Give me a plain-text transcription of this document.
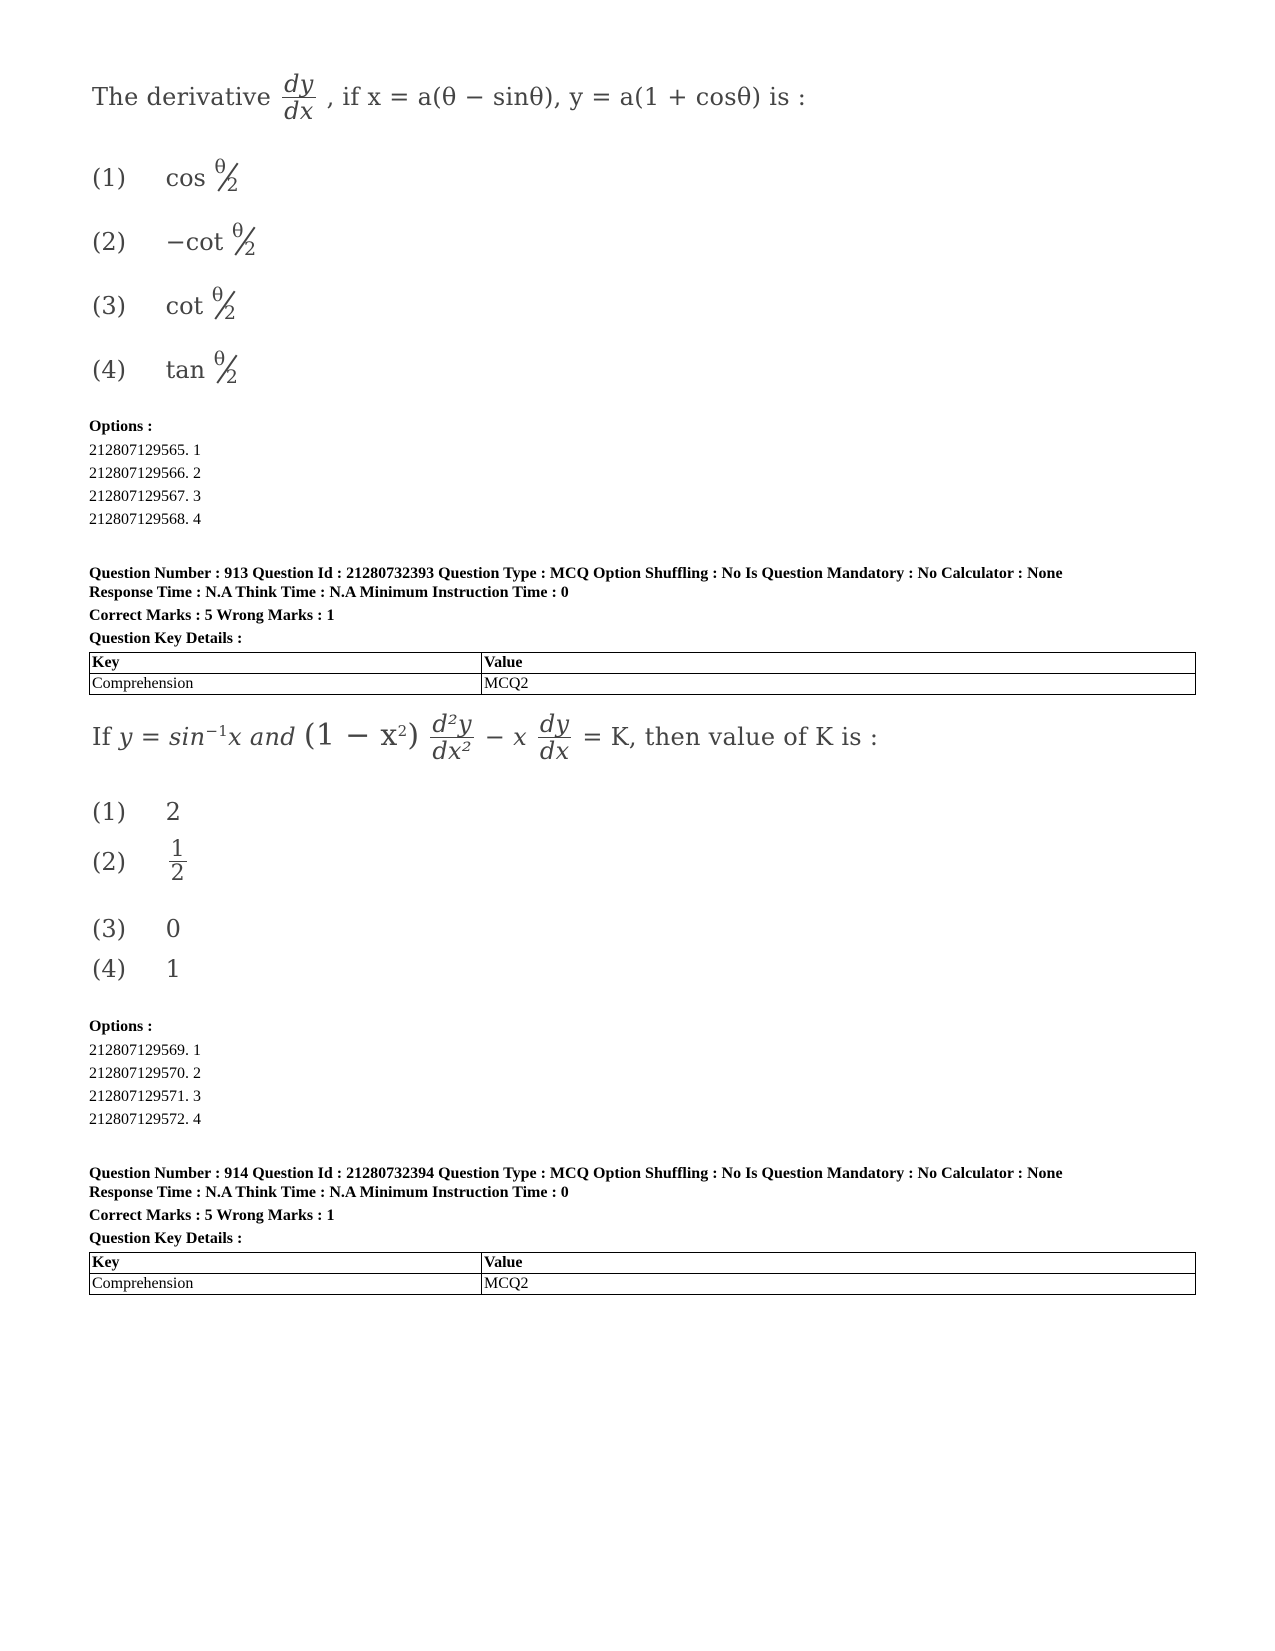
The derivative $\frac{dy}{dx}$ , if x = a(θ − sinθ), y = a(1 + cosθ) is :
(1) cos θ
2
(2) −cot θ
2
(3) cot θ
2
(4) tan θ
2
Options :
212807129565. 1
212807129566. 2
212807129567. 3
212807129568. 4
Question Number : 913 Question Id : 21280732393 Question Type : MCQ Option Shuffling : No Is Question Mandatory : No Calculator : None
Response Time : N.A Think Time : N.A Minimum Instruction Time : 0
Correct Marks : 5 Wrong Marks : 1
Question Key Details :
Key	Value
Comprehension	MCQ2
If $y = \sin^{-1}x$ and $(1 - x^2) \frac{\text{d²y}}{\text{dx²}} - x \frac{dy}{dx} = K$, then value of K is :
(1) 2
$(2) \frac{1}{2}$
(3) 0
(4) 1
Options :
212807129569. 1
212807129570. 2
212807129571. 3
212807129572. 4
Question Number : 914 Question Id : 21280732394 Question Type : MCQ Option Shuffling : No Is Question Mandatory : No Calculator : None
Response Time : N.A Think Time : N.A Minimum Instruction Time : 0
Correct Marks : 5 Wrong Marks : 1
Question Key Details :
Key	Value
Comprehension	MCQ2
